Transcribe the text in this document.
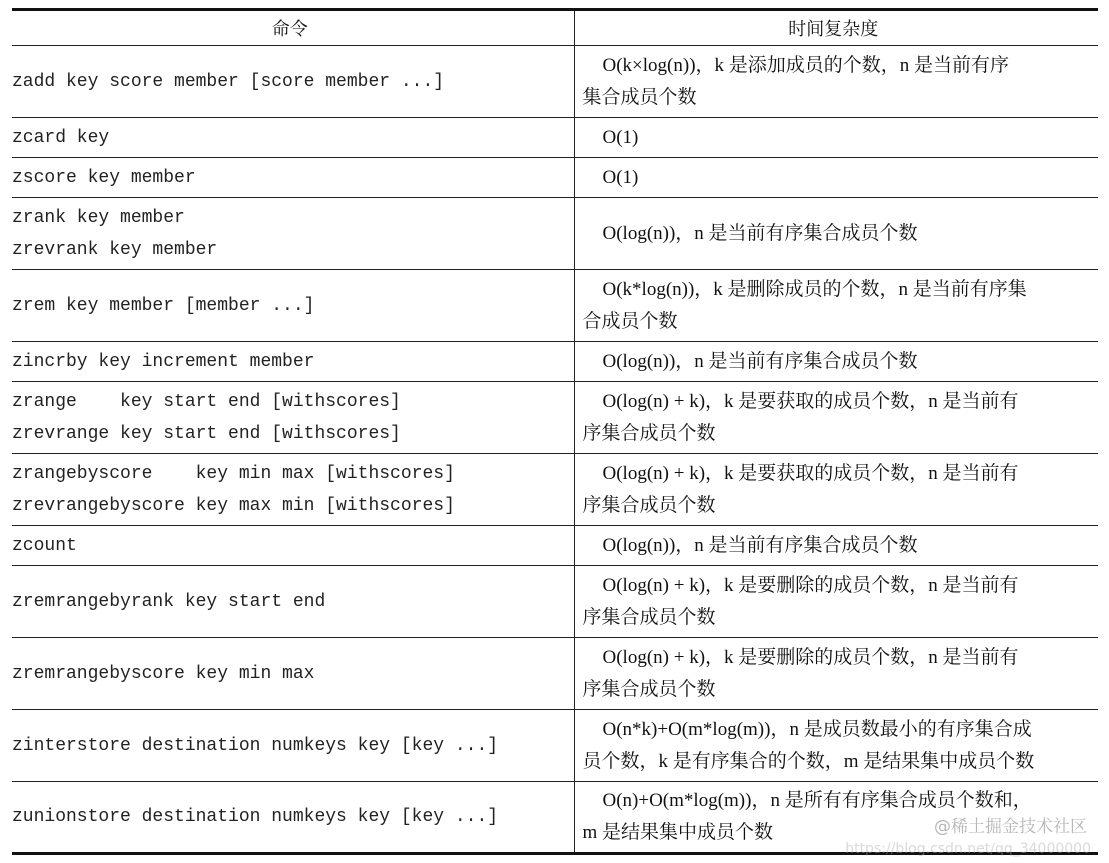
命令	时间复杂度

zadd key score member [score member ...]	O(k×log(n))，k 是添加成员的个数，n 是当前有序
集合成员个数

zcard key	O(1)

zscore key member	O(1)

zrank key member
zrevrank key member	O(log(n))，n 是当前有序集合成员个数

zrem key member [member ...]	O(k*log(n))，k 是删除成员的个数，n 是当前有序集
合成员个数

zincrby key increment member	O(log(n))，n 是当前有序集合成员个数

zrange    key start end [withscores]
zrevrange key start end [withscores]	O(log(n) + k)，k 是要获取的成员个数，n 是当前有
序集合成员个数

zrangebyscore    key min max [withscores]
zrevrangebyscore key max min [withscores]	O(log(n) + k)，k 是要获取的成员个数，n 是当前有
序集合成员个数

zcount	O(log(n))，n 是当前有序集合成员个数

zremrangebyrank key start end	O(log(n) + k)，k 是要删除的成员个数，n 是当前有
序集合成员个数

zremrangebyscore key min max	O(log(n) + k)，k 是要删除的成员个数，n 是当前有
序集合成员个数

zinterstore destination numkeys key [key ...]	O(n*k)+O(m*log(m))，n 是成员数最小的有序集合成
员个数，k 是有序集合的个数，m 是结果集中成员个数

zunionstore destination numkeys key [key ...]	O(n)+O(m*log(m))，n 是所有有序集合成员个数和，
m 是结果集中成员个数	@稀土掘金技术社区
https://blog.csdn.net/qq_34000000
